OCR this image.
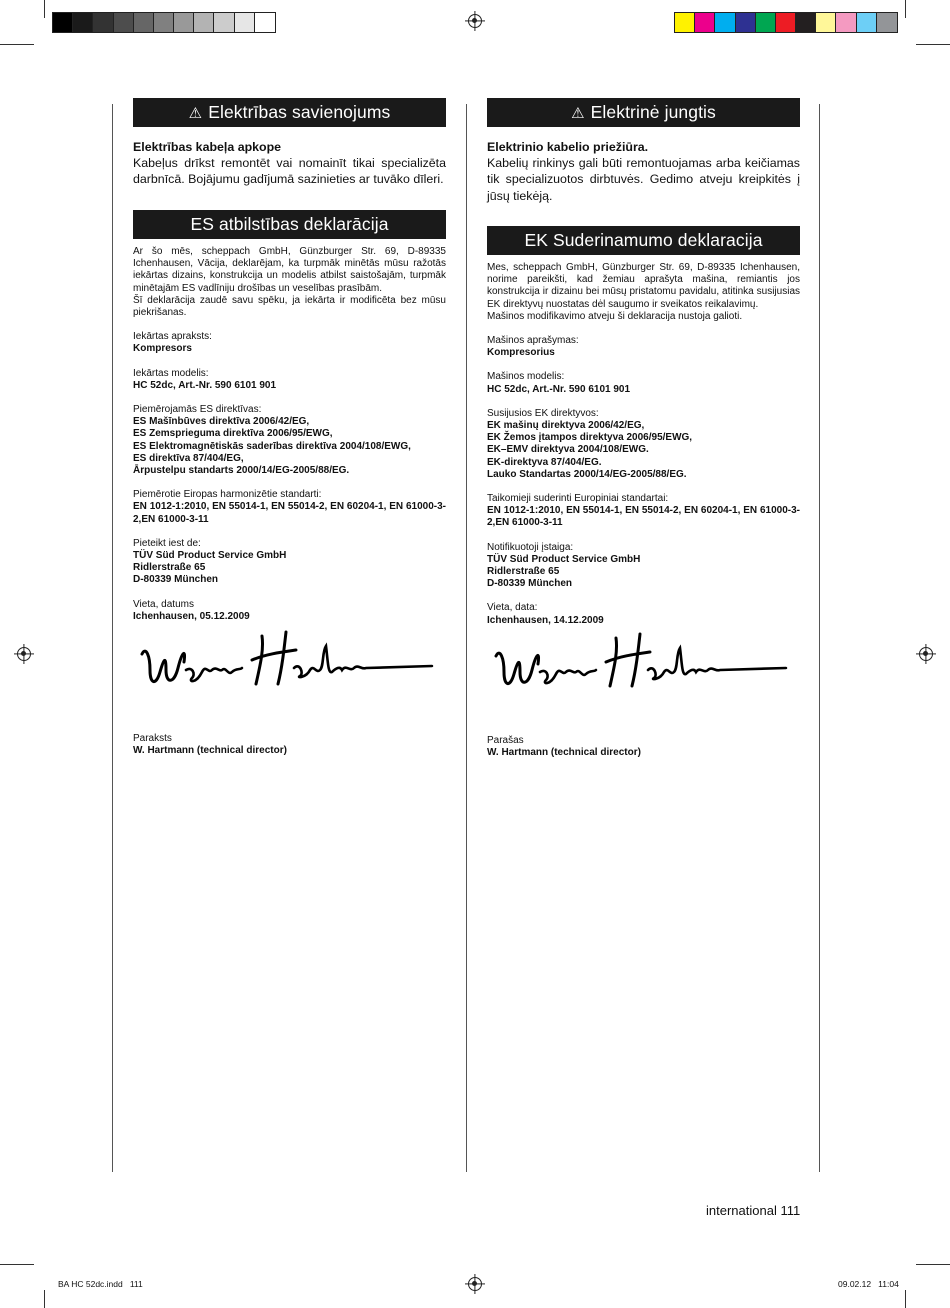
⚠ Elektrības savienojums

Elektrības kabeļa apkope

Kabeļus drīkst remontēt vai nomainīt tikai specializēta darbnīcā. Bojājumu gadījumā sazinieties ar tuvāko dīleri.

ES atbilstības deklarācija

Ar šo mēs, scheppach GmbH, Günzburger Str. 69, D-89335 Ichenhausen, Vācija, deklarējam, ka turpmāk minētās mūsu ražotās iekārtas dizains, konstrukcija un modelis atbilst saistošajām, turpmāk minētajām ES vadlīniju drošības un veselības prasībām.

Šī deklarācija zaudē savu spēku, ja iekārta ir modificēta bez mūsu piekrišanas.

Iekārtas apraksts:

Kompresors

Iekārtas modelis:

HC 52dc, Art.-Nr. 590 6101 901

Piemērojamās ES direktīvas:

ES Mašīnbūves direktīva 2006/42/EG,

ES Zemsprieguma direktīva 2006/95/EWG,

ES Elektromagnētiskās saderības direktīva 2004/108/EWG,

ES direktīva 87/404/EG,

Ārpustelpu standarts 2000/14/EG-2005/88/EG.

Piemērotie Eiropas harmonizētie standarti:

EN 1012-1:2010, EN 55014-1, EN 55014-2, EN 60204-1, EN 61000-3-2,EN 61000-3-11

Pieteikt iest de:

TÜV Süd Product Service GmbH

Ridlerstraße 65

D-80339 München

Vieta, datums

Ichenhausen, 05.12.2009

Paraksts

W. Hartmann (technical director)

⚠ Elektrinė jungtis

Elektrinio kabelio priežiūra.

Kabelių rinkinys gali būti remontuojamas arba keičiamas tik specializuotos dirbtuvės. Gedimo atveju kreipkitės į jūsų tiekėją.

EK Suderinamumo deklaracija

Mes, scheppach GmbH, Günzburger Str. 69, D-89335 Ichenhausen, norime pareikšti, kad žemiau aprašyta mašina, remiantis jos konstrukcija ir dizainu bei mūsų pristatomu pavidalu, atitinka susijusias EK direktyvų nuostatas dėl saugumo ir sveikatos reikalavimų.

Mašinos modifikavimo atveju ši deklaracija nustoja galioti.

Mašinos aprašymas:

Kompresorius

Mašinos modelis:

HC 52dc, Art.-Nr. 590 6101 901

Susijusios EK direktyvos:

EK mašinų direktyva 2006/42/EG,

EK Žemos įtampos direktyva 2006/95/EWG,

EK–EMV direktyva 2004/108/EWG.

EK-direktyva 87/404/EG.

Lauko Standartas 2000/14/EG-2005/88/EG.

Taikomieji suderinti Europiniai standartai:

EN 1012-1:2010, EN 55014-1, EN 55014-2, EN 60204-1, EN 61000-3-2,EN 61000-3-11

Notifikuotoji įstaiga:

TÜV Süd Product Service GmbH

Ridlerstraße 65

D-80339 München

Vieta, data:

Ichenhausen, 14.12.2009

Parašas

W. Hartmann (technical director)

international 111
BA HC 52dc.indd   111	09.02.12   11:04
